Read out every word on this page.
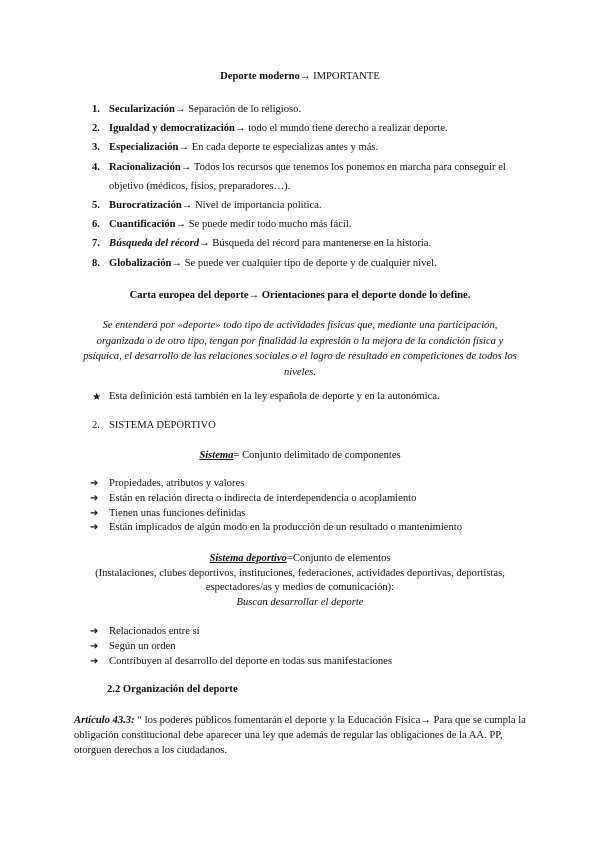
Deporte moderno→ IMPORTANTE
1. Secularización→ Separación de lo religioso.
2. Igualdad y democratización→ todo el mundo tiene derecho a realizar deporte.
3. Especialización→ En cada deporte te especializas antes y más.
4. Racionalización→ Todos los recursos que tenemos los ponemos en marcha para conseguir el objetivo (médicos, fisios, preparadores…).
5. Burocratización→ Nivel de importancia política.
6. Cuantificación→ Se puede medir todo mucho más fácil.
7. Búsqueda del récord→ Búsqueda del récord para mantenerse en la historia.
8. Globalización→ Se puede ver cualquier tipo de deporte y de cualquier nivel.
Carta europea del deporte→ Orientaciones para el deporte donde lo define.
Se entenderá por «deporte» todo tipo de actividades físicas que, mediante una participación, organizada o de otro tipo, tengan por finalidad la expresión o la mejora de la condición física y psíquica, el desarrollo de las relaciones sociales o el logro de resultado en competiciones de todos los niveles.
★ Esta definición está también en la ley española de deporte y en la autonómica.
2. SISTEMA DEPORTIVO
Sistema= Conjunto delimitado de componentes
➔	Propiedades, atributos y valores
➔	Están en relación directa o indirecta de interdependencia o acoplamiento
➔	Tienen unas funciones definidas
➔	Están implicados de algún modo en la producción de un resultado o mantenimiento
Sistema deportivo=Conjunto de elementos
(Instalaciones, clubes deportivos, instituciones, federaciones, actividades deportivas, deportistas,
espectadores/as y medios de comunicación):
Buscan desarrollar el deporte
➔	Relacionados entre sí
➔	Según un orden
➔	Contribuyen al desarrollo del deporte en todas sus manifestaciones
2.2 Organización del deporte
Artículo 43.3: “ los poderes públicos fomentarán el deporte y la Educación Física→ Para que se cumpla la obligación constitucional debe aparecer una ley que además de regular las obligaciones de la AA. PP, otorguen derechos a los ciudadanos.
